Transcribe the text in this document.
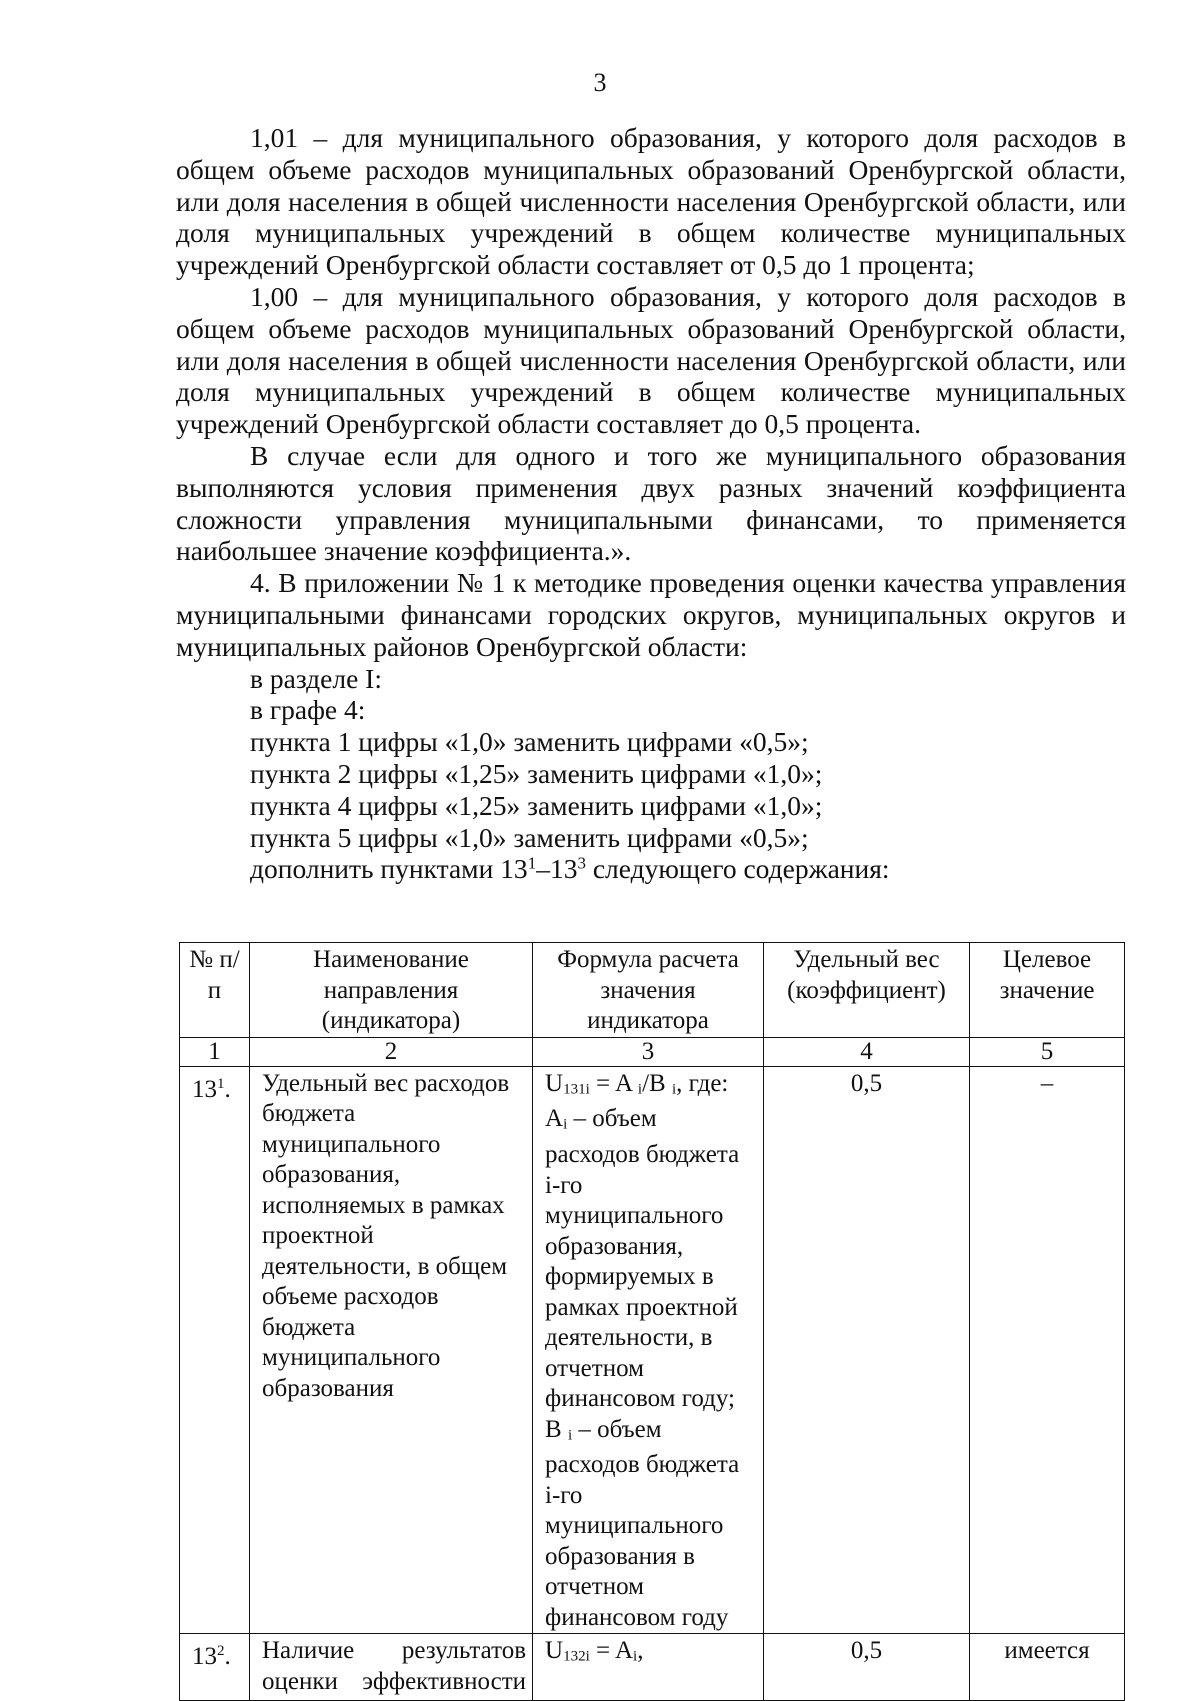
3

1,01 – для муниципального образования, у которого доля расходов в общем объеме расходов муниципальных образований Оренбургской области, или доля населения в общей численности населения Оренбургской области, или доля муниципальных учреждений в общем количестве муниципальных учреждений Оренбургской области составляет от 0,5 до 1 процента;

1,00 – для муниципального образования, у которого доля расходов в общем объеме расходов муниципальных образований Оренбургской области, или доля населения в общей численности населения Оренбургской области, или доля муниципальных учреждений в общем количестве муниципальных учреждений Оренбургской области составляет до 0,5 процента.

В случае если для одного и того же муниципального образования выполняются условия применения двух разных значений коэффициента сложности управления муниципальными финансами, то применяется наибольшее значение коэффициента.».

4. В приложении № 1 к методике проведения оценки качества управления муниципальными финансами городских округов, муниципальных округов и муниципальных районов Оренбургской области:

в разделе I:

в графе 4:

пункта 1 цифры «1,0» заменить цифрами «0,5»;

пункта 2 цифры «1,25» заменить цифрами «1,0»;

пункта 4 цифры «1,25» заменить цифрами «1,0»;

пункта 5 цифры «1,0» заменить цифрами «0,5»;

дополнить пунктами $13^1-13^3$ следующего содержания:

№ п/п	Наименование направления (индикатора)	Формула расчета значения индикатора	Удельный вес (коэффициент)	Целевое значение
1	2	3	4	5
$13^1$.	Удельный вес расходов бюджета муниципального образования, исполняемых в рамках проектной деятельности, в общем объеме расходов бюджета муниципального образования	U131i = A i/B i, где:
Ai – объем расходов бюджета i-го муниципального образования, формируемых в рамках проектной деятельности, в отчетном финансовом году;
B i – объем расходов бюджета i-го муниципального образования в отчетном финансовом году	0,5	–
$13^2$.	Наличие результатов оценки эффективности	U132i = Ai,	0,5	имеется
